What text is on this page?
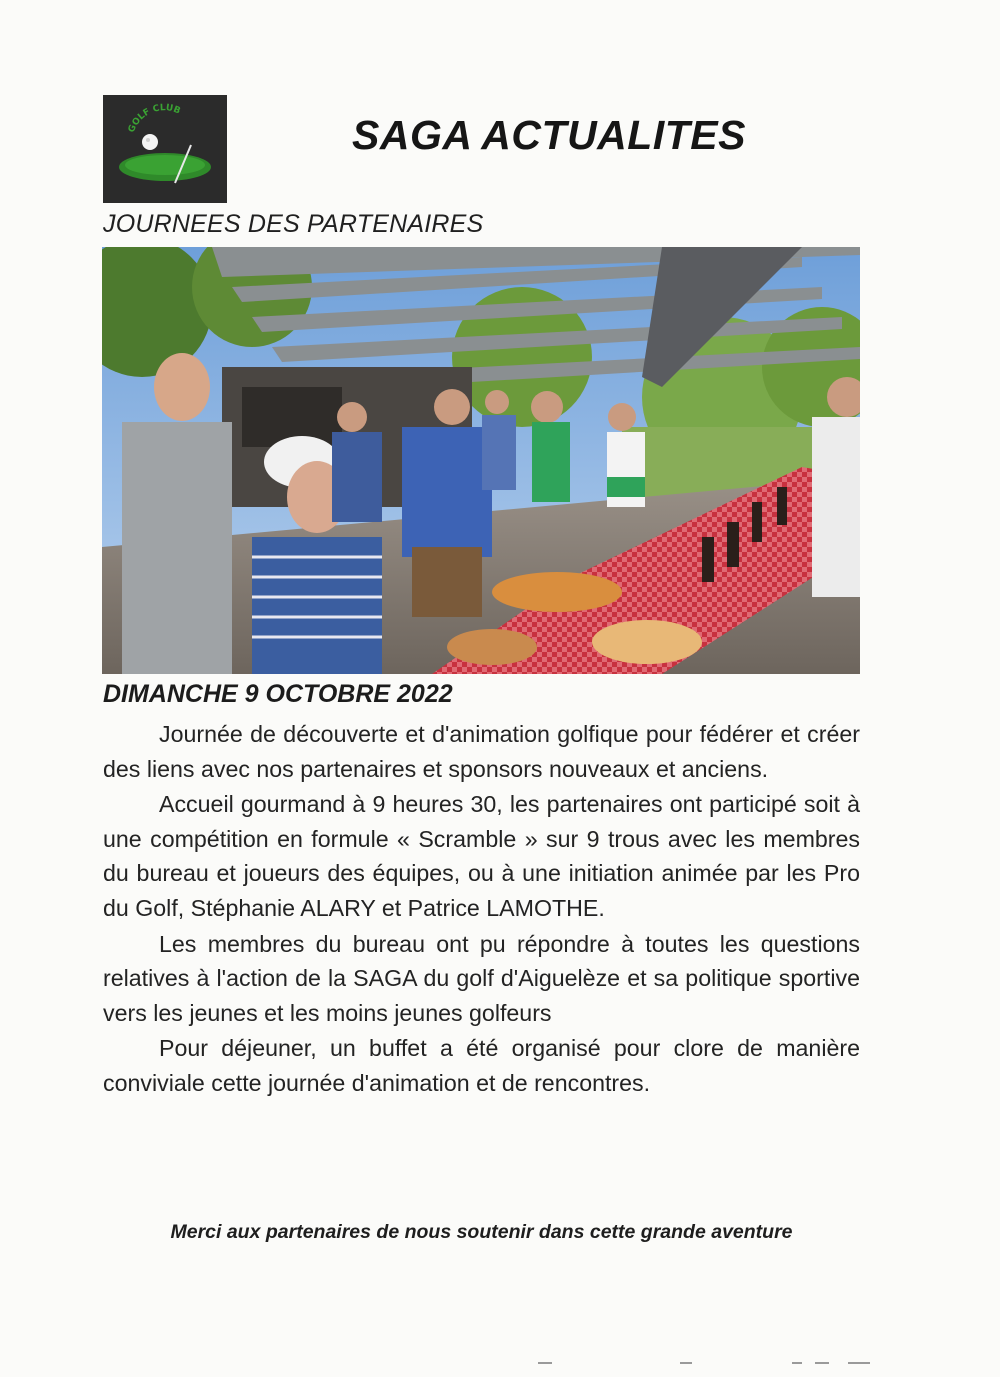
GOLF CLUB
SAGA ACTUALITES
JOURNEES DES PARTENAIRES
DIMANCHE 9 OCTOBRE 2022

Journée de découverte et d'animation golfique pour fédérer et créer des liens avec nos partenaires et sponsors nouveaux et anciens.

Accueil gourmand à 9 heures 30, les partenaires ont participé soit à une compétition en formule « Scramble » sur 9 trous avec les membres du bureau et joueurs des équipes, ou à une initiation animée par les Pro du Golf, Stéphanie ALARY et Patrice LAMOTHE.

Les membres du bureau ont pu répondre à toutes les questions relatives à l'action de la SAGA du golf d'Aiguelèze et sa politique sportive vers les jeunes et les moins jeunes golfeurs

Pour déjeuner, un buffet a été organisé pour clore de manière conviviale cette journée d'animation et de rencontres.

Merci aux partenaires de nous soutenir dans cette grande aventure
